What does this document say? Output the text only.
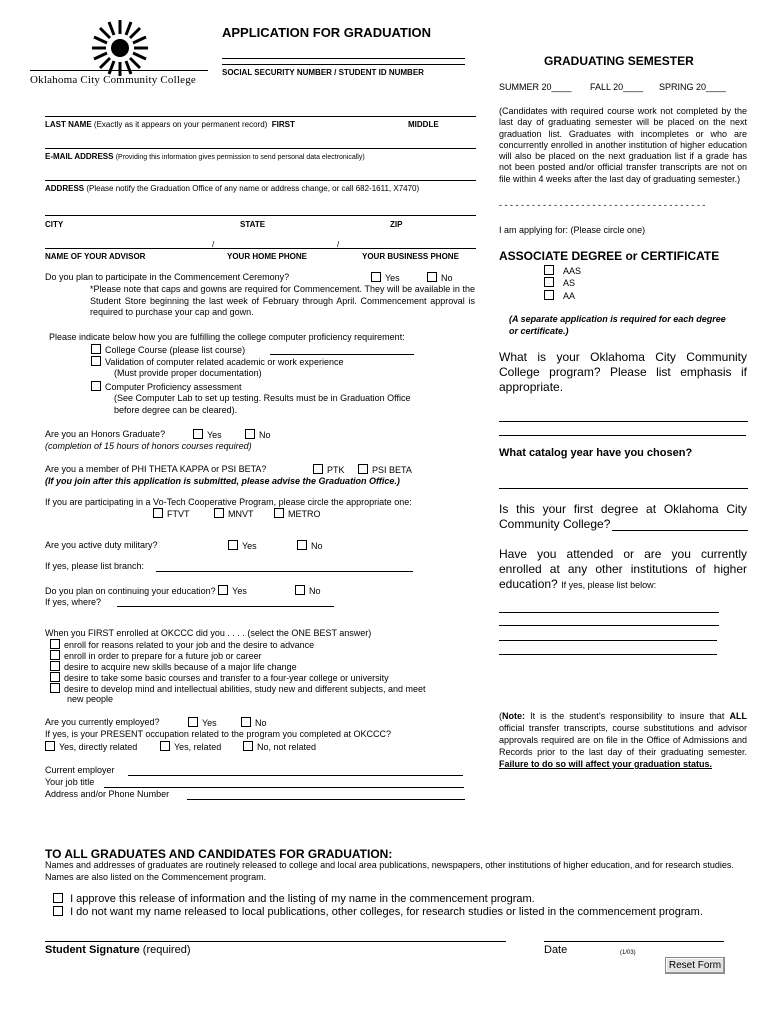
Oklahoma City Community College
APPLICATION FOR GRADUATION
SOCIAL SECURITY NUMBER / STUDENT ID NUMBER
GRADUATING SEMESTER
SUMMER 20____ FALL 20____ SPRING 20____
(Candidates with required course work not completed by the last day of graduating semester will be placed on the next graduation list. Graduates with incompletes or who are concurrently enrolled in another institution of higher education will also be placed on the next graduation list if a grade has not been posted and/or official transfer transcripts are not on file within 4 weeks after the last day of graduating semester.)
- - - - - - - - - - - - - - - - - - - - - - - - - - - - - - - - - - - - - -
I am applying for: (Please circle one)
LAST NAME (Exactly as it appears on your permanent record) FIRST	MIDDLE
E-MAIL ADDRESS (Providing this information gives permission to send personal data electronically)
ADDRESS (Please notify the Graduation Office of any name or address change, or call 682-1611, X7470)
CITY	STATE	ZIP
/	/
NAME OF YOUR ADVISOR	YOUR HOME PHONE	YOUR BUSINESS PHONE
Do you plan to participate in the Commencement Ceremony?	Yes	No
*Please note that caps and gowns are required for Commencement. They will be available in the Student Store beginning the last week of February through April. Commencement approval is required to purchase your cap and gown.
Please indicate below how you are fulfilling the college computer proficiency requirement:
College Course (please list course)
Validation of computer related academic or work experience
(Must provide proper documentation)
Computer Proficiency assessment
(See Computer Lab to set up testing. Results must be in Graduation Office
before degree can be cleared).
Are you an Honors Graduate?	Yes	No
(completion of 15 hours of honors courses required)
Are you a member of PHI THETA KAPPA or PSI BETA?	PTK	PSI BETA
(If you join after this application is submitted, please advise the Graduation Office.)
If you are participating in a Vo-Tech Cooperative Program, please circle the appropriate one:
FTVT	MNVT	METRO
Are you active duty military?	Yes	No
If yes, please list branch:
Do you plan on continuing your education? Yes	No
If yes, where?
When you FIRST enrolled at OKCCC did you . . . . (select the ONE BEST answer)
enroll for reasons related to your job and the desire to advance
enroll in order to prepare for a future job or career
desire to acquire new skills because of a major life change
desire to take some basic courses and transfer to a four-year college or university
desire to develop mind and intellectual abilities, study new and different subjects, and meet
new people
Are you currently employed?	Yes	No
If yes, is your PRESENT occupation related to the program you completed at OKCCC?
Yes, directly related	Yes, related	No, not related
Current employer
Your job title
Address and/or Phone Number
ASSOCIATE DEGREE or CERTIFICATE
AAS
AS
AA
(A separate application is required for each degree or certificate.)
What is your Oklahoma City Community College program? Please list emphasis if appropriate.
What catalog year have you chosen?
Is this your first degree at Oklahoma City Community College?
Have you attended or are you currently enrolled at any other institutions of higher education? If yes, please list below:
(Note: It is the student’s responsibility to insure that ALL official transfer transcripts, course substitutions and advisor approvals required are on file in the Office of Admissions and Records prior to the last day of their graduating semester. Failure to do so will affect your graduation status.
TO ALL GRADUATES AND CANDIDATES FOR GRADUATION:
Names and addresses of graduates are routinely released to college and local area publications, newspapers, other institutions of higher education, and for research studies. Names are also listed on the Commencement program.
I approve this release of information and the listing of my name in the commencement program.
I do not want my name released to local publications, other colleges, for research studies or listed in the commencement program.
Student Signature (required)	Date	(1/03)
Reset Form
